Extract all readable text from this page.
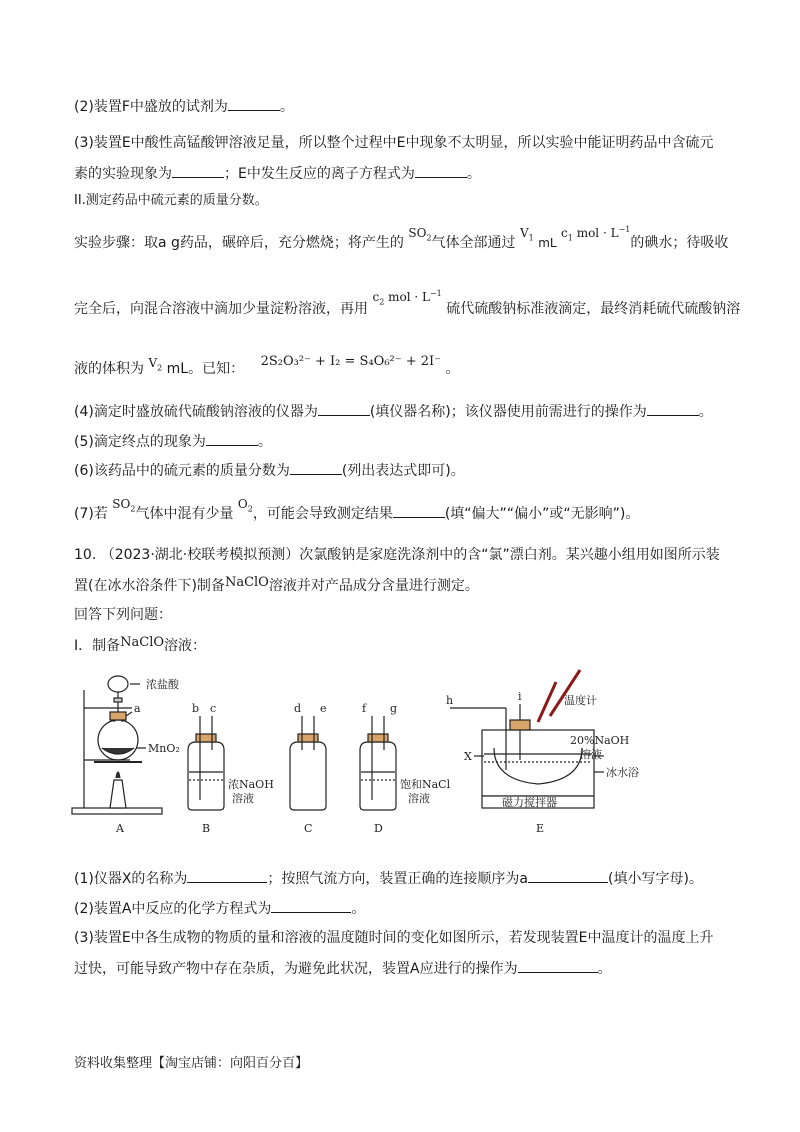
(2)装置F中盛放的试剂为	。
(3)装置E中酸性高锰酸钾溶液足量，所以整个过程中E中现象不太明显，所以实验中能证明药品中含硫元
素的实验现象为	；E中发生反应的离子方程式为	。
II.测定药品中硫元素的质量分数。
实验步骤：取a g药品，碾碎后，充分燃烧；将产生的 $SO_2$气体全部通过 $V_1$ mL $c_1$ mol · $L^{-1}$的碘水；待吸收
完全后，向混合溶液中滴加少量淀粉溶液，再用 $c_2$ mol · $L^{-1}$ 硫代硫酸钠标准液滴定，最终消耗硫代硫酸钠溶
液的体积为 $V_2$ mL。已知： 2S₂O₃²⁻ + I₂ = S₄O₆²⁻ + 2I⁻ 。
(4)滴定时盛放硫代硫酸钠溶液的仪器为	(填仪器名称)；该仪器使用前需进行的操作为	。
(5)滴定终点的现象为	。
(6)该药品中的硫元素的质量分数为	(列出表达式即可)。
(7)若 $SO_2$气体中混有少量 $O_2$，可能会导致测定结果	(填“偏大”“偏小”或“无影响”)。
10. （2023·湖北·校联考模拟预测）次氯酸钠是家庭洗涤剂中的含“氯”漂白剂。某兴趣小组用如图所示装
置(在冰水浴条件下)制备NaClO溶液并对产品成分含量进行测定。
回答下列问题：
Ⅰ．制备NaClO溶液：
浓盐酸
a
MnO₂
A
b c
浓NaOH
溶液
B
d e
C
f g
饱和NaCl
溶液
D
h	i	温度计
20%NaOH
溶液
冰水浴
X
磁力搅拌器
E
(1)仪器X的名称为	；按照气流方向，装置正确的连接顺序为a	(填小写字母)。
(2)装置A中反应的化学方程式为	。
(3)装置E中各生成物的物质的量和溶液的温度随时间的变化如图所示，若发现装置E中温度计的温度上升
过快，可能导致产物中存在杂质，为避免此状况，装置A应进行的操作为	。
资料收集整理【淘宝店铺：向阳百分百】
